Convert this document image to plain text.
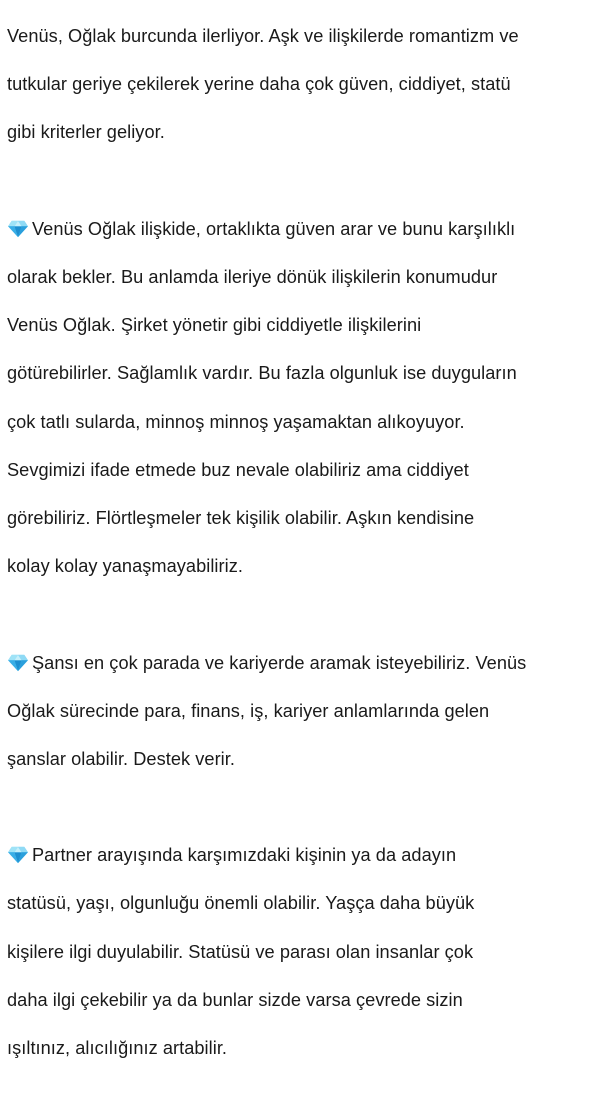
Venüs, Oğlak burcunda ilerliyor. Aşk ve ilişkilerde romantizm ve

tutkular geriye çekilerek yerine daha çok güven, ciddiyet, statü

gibi kriterler geliyor.

Venüs Oğlak ilişkide, ortaklıkta güven arar ve bunu karşılıklı

olarak bekler. Bu anlamda ileriye dönük ilişkilerin konumudur

Venüs Oğlak. Şirket yönetir gibi ciddiyetle ilişkilerini

götürebilirler. Sağlamlık vardır. Bu fazla olgunluk ise duyguların

çok tatlı sularda, minnoş minnoş yaşamaktan alıkoyuyor.

Sevgimizi ifade etmede buz nevale olabiliriz ama ciddiyet

görebiliriz. Flörtleşmeler tek kişilik olabilir. Aşkın kendisine

kolay kolay yanaşmayabiliriz.

Şansı en çok parada ve kariyerde aramak isteyebiliriz. Venüs

Oğlak sürecinde para, finans, iş, kariyer anlamlarında gelen

şanslar olabilir. Destek verir.

Partner arayışında karşımızdaki kişinin ya da adayın

statüsü, yaşı, olgunluğu önemli olabilir. Yaşça daha büyük

kişilere ilgi duyulabilir. Statüsü ve parası olan insanlar çok

daha ilgi çekebilir ya da bunlar sizde varsa çevrede sizin

ışıltınız, alıcılığınız artabilir.
